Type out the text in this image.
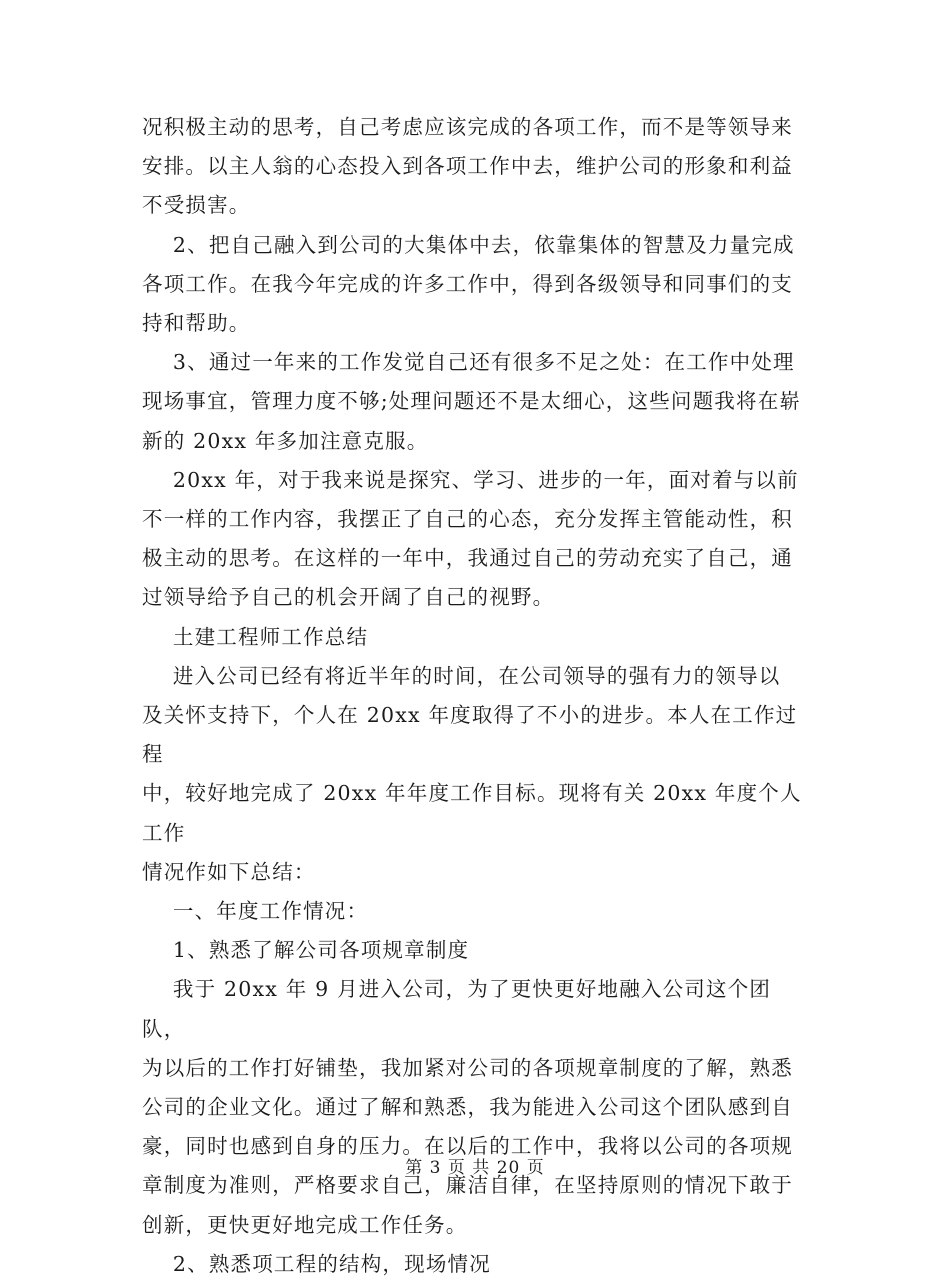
况积极主动的思考，自己考虑应该完成的各项工作，而不是等领导来

安排。以主人翁的心态投入到各项工作中去，维护公司的形象和利益

不受损害。

2、把自己融入到公司的大集体中去，依靠集体的智慧及力量完成

各项工作。在我今年完成的许多工作中，得到各级领导和同事们的支

持和帮助。

3、通过一年来的工作发觉自己还有很多不足之处：在工作中处理

现场事宜，管理力度不够;处理问题还不是太细心，这些问题我将在崭

新的 20xx 年多加注意克服。

20xx 年，对于我来说是探究、学习、进步的一年，面对着与以前

不一样的工作内容，我摆正了自己的心态，充分发挥主管能动性，积

极主动的思考。在这样的一年中，我通过自己的劳动充实了自己，通

过领导给予自己的机会开阔了自己的视野。

土建工程师工作总结

进入公司已经有将近半年的时间，在公司领导的强有力的领导以

及关怀支持下，个人在 20xx 年度取得了不小的进步。本人在工作过程

中，较好地完成了 20xx 年年度工作目标。现将有关 20xx 年度个人工作

情况作如下总结：

一、年度工作情况：

1、熟悉了解公司各项规章制度

我于 20xx 年 9 月进入公司，为了更快更好地融入公司这个团队，

为以后的工作打好铺垫，我加紧对公司的各项规章制度的了解，熟悉

公司的企业文化。通过了解和熟悉，我为能进入公司这个团队感到自

豪，同时也感到自身的压力。在以后的工作中，我将以公司的各项规

章制度为准则，严格要求自己，廉洁自律，在坚持原则的情况下敢于

创新，更快更好地完成工作任务。

2、熟悉项工程的结构，现场情况

第 3 页 共 20 页
